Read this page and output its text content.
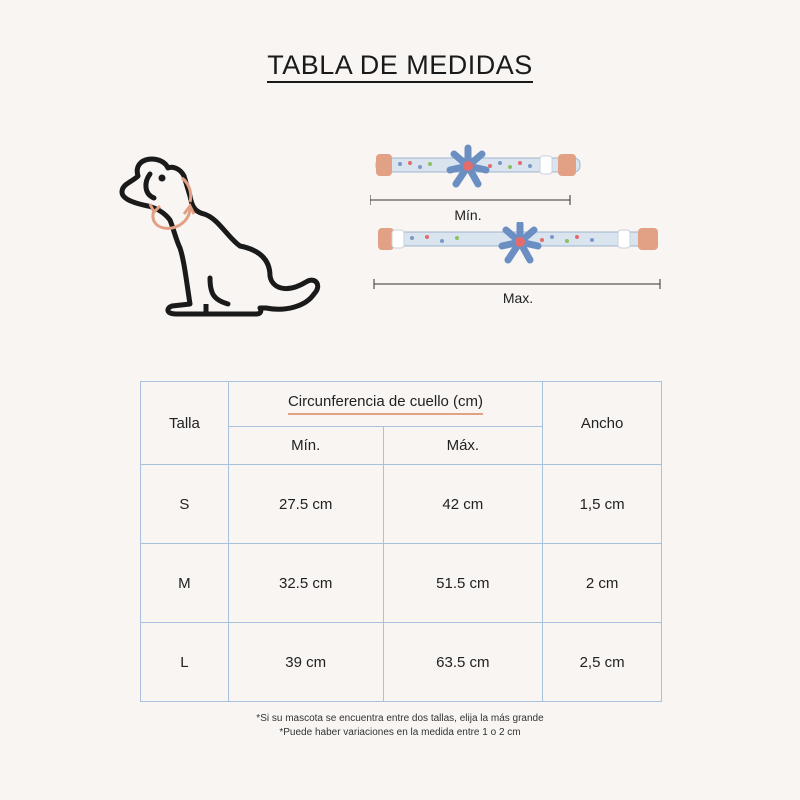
TABLA DE MEDIDAS
Mín.
Max.
Talla	Circunferencia de cuello (cm)		Ancho
	Mín.	Máx.	
S	27.5 cm	42 cm	1,5 cm
M	32.5 cm	51.5 cm	2 cm
L	39 cm	63.5 cm	2,5 cm
*Si su mascota se encuentra entre dos tallas, elija la más grande
*Puede haber variaciones en la medida entre 1 o 2 cm
